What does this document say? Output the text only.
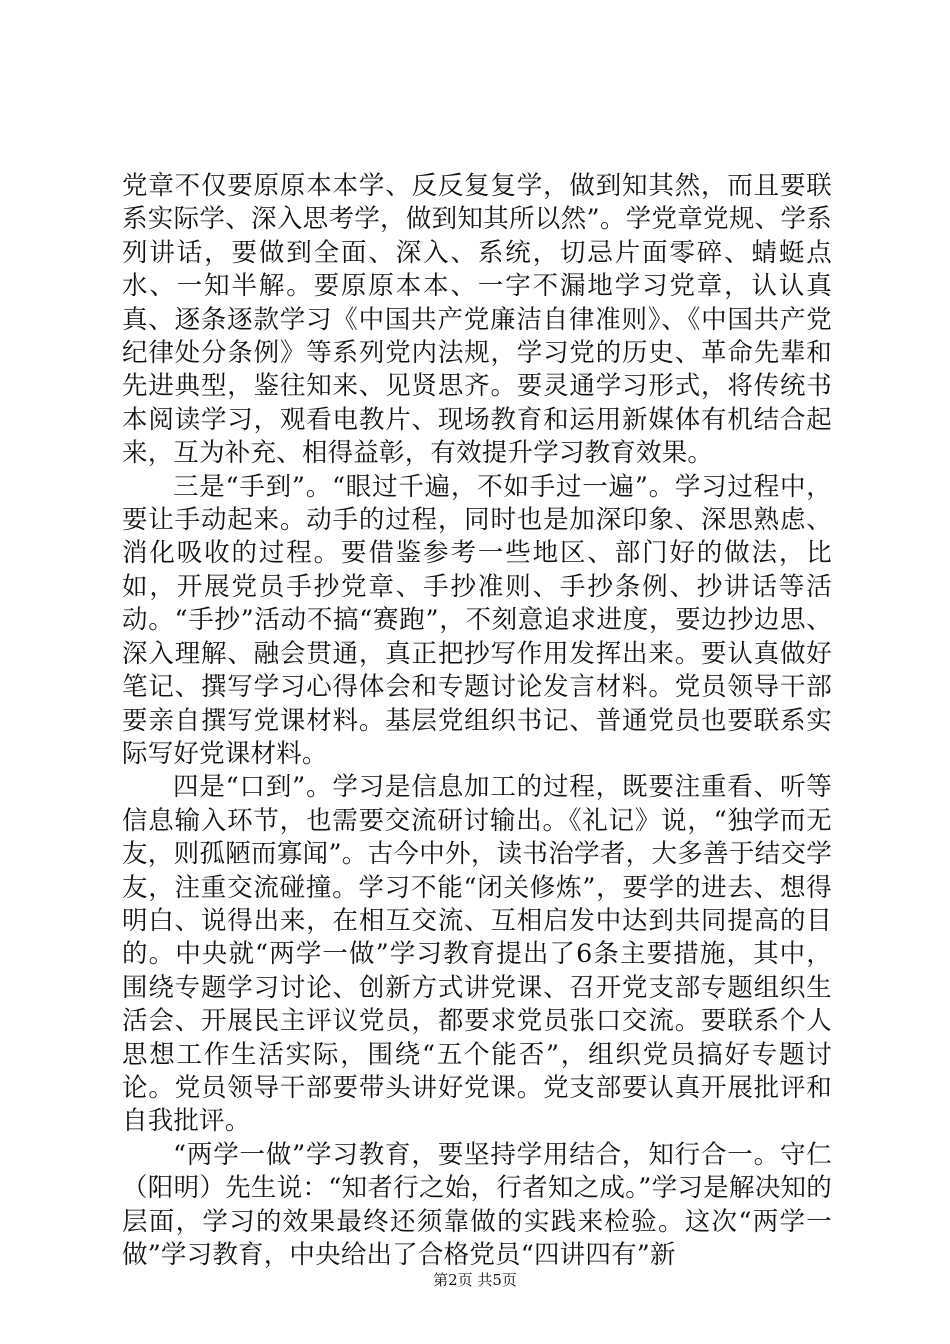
党章不仅要原原本本学、反反复复学，做到知其然，而且要联系实际学、深入思考学，做到知其所以然”。学党章党规、学系列讲话，要做到全面、深入、系统，切忌片面零碎、蜻蜓点水、一知半解。要原原本本、一字不漏地学习党章，认认真真、逐条逐款学习《中国共产党廉洁自律准则》、《中国共产党纪律处分条例》等系列党内法规，学习党的历史、革命先辈和先进典型，鉴往知来、见贤思齐。要灵通学习形式，将传统书本阅读学习，观看电教片、现场教育和运用新媒体有机结合起来，互为补充、相得益彰，有效提升学习教育效果。

三是“手到”。“眼过千遍，不如手过一遍”。学习过程中，要让手动起来。动手的过程，同时也是加深印象、深思熟虑、消化吸收的过程。要借鉴参考一些地区、部门好的做法，比如，开展党员手抄党章、手抄准则、手抄条例、抄讲话等活动。“手抄”活动不搞“赛跑”，不刻意追求进度，要边抄边思、深入理解、融会贯通，真正把抄写作用发挥出来。要认真做好笔记、撰写学习心得体会和专题讨论发言材料。党员领导干部要亲自撰写党课材料。基层党组织书记、普通党员也要联系实际写好党课材料。

四是“口到”。学习是信息加工的过程，既要注重看、听等信息输入环节，也需要交流研讨输出。《礼记》说，“独学而无友，则孤陋而寡闻”。古今中外，读书治学者，大多善于结交学友，注重交流碰撞。学习不能“闭关修炼”，要学的进去、想得明白、说得出来，在相互交流、互相启发中达到共同提高的目的。中央就“两学一做”学习教育提出了6条主要措施，其中，围绕专题学习讨论、创新方式讲党课、召开党支部专题组织生活会、开展民主评议党员，都要求党员张口交流。要联系个人思想工作生活实际，围绕“五个能否”，组织党员搞好专题讨论。党员领导干部要带头讲好党课。党支部要认真开展批评和自我批评。

“两学一做”学习教育，要坚持学用结合，知行合一。守仁（阳明）先生说：“知者行之始，行者知之成。”学习是解决知的层面，学习的效果最终还须靠做的实践来检验。这次“两学一做”学习教育，中央给出了合格党员“四讲四有”新

第2页 共5页
